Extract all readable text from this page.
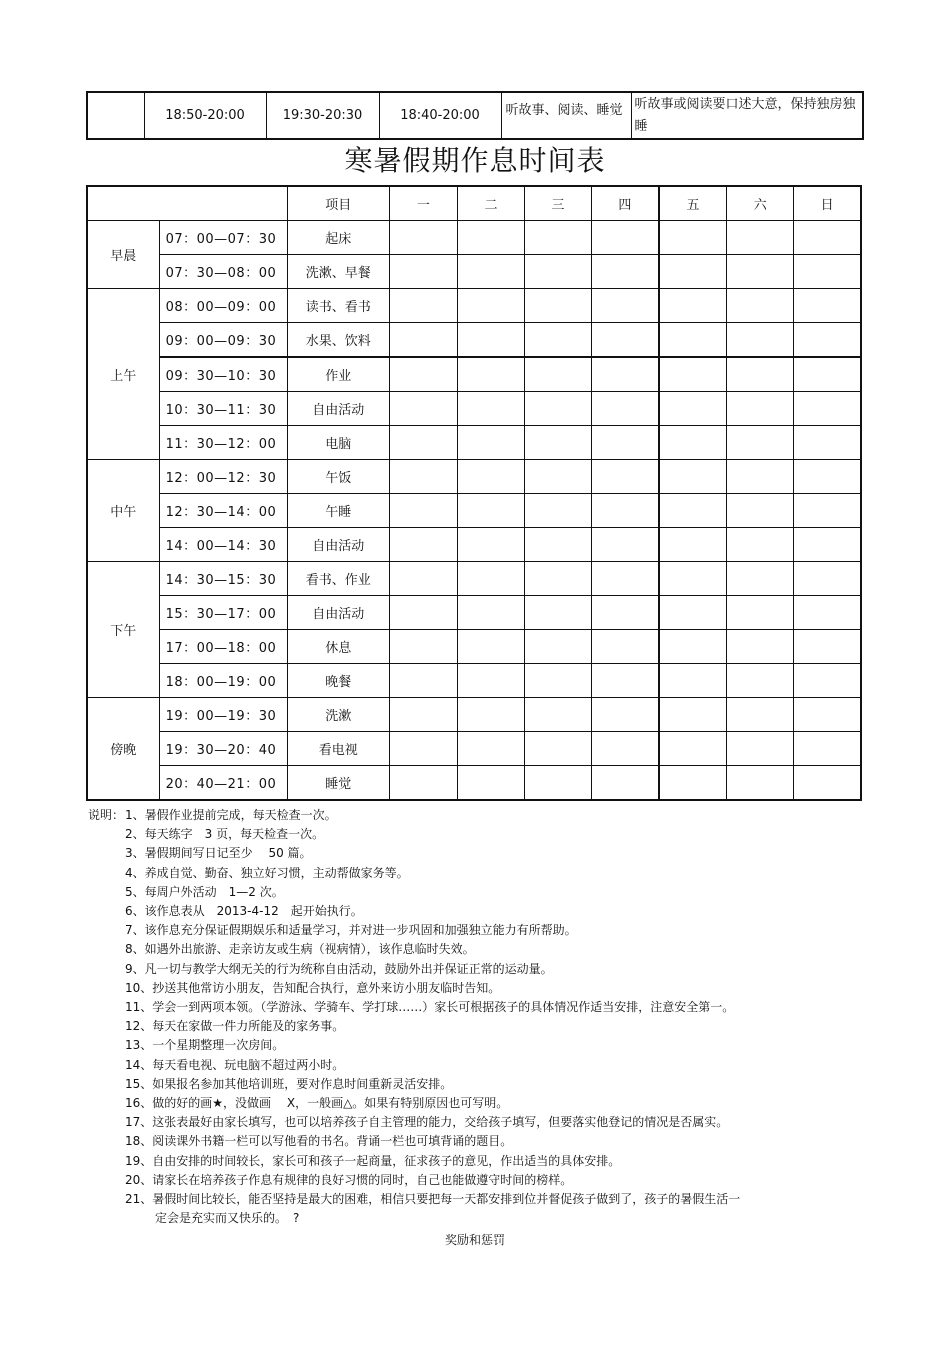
	18:50-20:00	19:30-20:30	18:40-20:00	听故事、阅读、睡觉	听故事或阅读要口述大意，保持独房独睡
寒暑假期作息时间表
		项目	一	二	三	四	五	六	日
早晨	07：00—07：30	起床							
	07：30—08：00	洗漱、早餐							
上午	08：00—09：00	读书、看书							
	09：00—09：30	水果、饮料							
	09：30—10：30	作业							
	10：30—11：30	自由活动							
	11：30—12：00	电脑							
中午	12：00—12：30	午饭							
	12：30—14：00	午睡							
	14：00—14：30	自由活动							
下午	14：30—15：30	看书、作业							
	15：30—17：00	自由活动							
	17：00—18：00	休息							
	18：00—19：00	晚餐							
傍晚	19：00—19：30	洗漱							
	19：30—20：40	看电视							
	20：40—21：00	睡觉							
说明：1、暑假作业提前完成，每天检查一次。
2、每天练字　3 页，每天检查一次。
3、暑假期间写日记至少　 50 篇。
4、养成自觉、勤奋、独立好习惯，主动帮做家务等。
5、每周户外活动　1—2 次。
6、该作息表从　2013-4-12　起开始执行。
7、该作息充分保证假期娱乐和适量学习，并对进一步巩固和加强独立能力有所帮助。
8、如遇外出旅游、走亲访友或生病（视病情），该作息临时失效。
9、凡一切与教学大纲无关的行为统称自由活动，鼓励外出并保证正常的运动量。
10、抄送其他常访小朋友，告知配合执行，意外来访小朋友临时告知。
11、学会一到两项本领。（学游泳、学骑车、学打球……）家长可根据孩子的具体情况作适当安排，注意安全第一。
12、每天在家做一件力所能及的家务事。
13、一个星期整理一次房间。
14、每天看电视、玩电脑不超过两小时。
15、如果报名参加其他培训班，要对作息时间重新灵活安排。
16、做的好的画★，没做画　 X，一般画△。如果有特别原因也可写明。
17、这张表最好由家长填写，也可以培养孩子自主管理的能力，交给孩子填写，但要落实他登记的情况是否属实。
18、阅读课外书籍一栏可以写他看的书名。背诵一栏也可填背诵的题目。
19、自由安排的时间较长，家长可和孩子一起商量，征求孩子的意见，作出适当的具体安排。
20、请家长在培养孩子作息有规律的良好习惯的同时，自己也能做遵守时间的榜样。
21、暑假时间比较长，能否坚持是最大的困难，相信只要把每一天都安排到位并督促孩子做到了，孩子的暑假生活一
定会是充实而又快乐的。　?
奖励和惩罚
